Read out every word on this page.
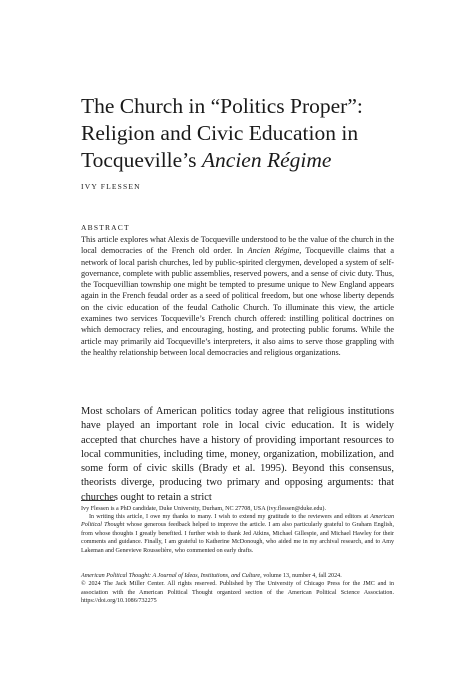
The Church in “Politics Proper”:
Religion and Civic Education in
Tocqueville’s Ancien Régime
IVY FLESSEN
ABSTRACT

This article explores what Alexis de Tocqueville understood to be the value of the church in the local democracies of the French old order. In Ancien Régime, Tocqueville claims that a network of local parish churches, led by public-spirited clergymen, developed a system of self-governance, complete with public assemblies, reserved powers, and a sense of civic duty. Thus, the Tocquevillian township one might be tempted to presume unique to New England appears again in the French feudal order as a seed of political freedom, but one whose liberty depends on the civic education of the feudal Catholic Church. To illuminate this view, the article examines two services Tocqueville’s French church offered: instilling political doctrines on which democracy relies, and encouraging, hosting, and protecting public forums. While the article may primarily aid Tocqueville’s interpreters, it also aims to serve those grappling with the healthy relationship between local democracies and religious organizations.

Most scholars of American politics today agree that religious institutions have played an important role in local civic education. It is widely accepted that churches have a history of providing important resources to local communities, including time, money, organization, mobilization, and some form of civic skills (Brady et al. 1995). Beyond this consensus, theorists diverge, producing two primary and opposing arguments: that churches ought to retain a strict

Ivy Flessen is a PhD candidate, Duke University, Durham, NC 27708, USA (ivy.flessen@duke.edu).

In writing this article, I owe my thanks to many. I wish to extend my gratitude to the reviewers and editors at American Political Thought whose generous feedback helped to improve the article. I am also particularly grateful to Graham English, from whose thoughts I greatly benefited. I further wish to thank Jed Atkins, Michael Gillespie, and Michael Hawley for their comments and guidance. Finally, I am grateful to Katherine McDonough, who aided me in my archival research, and to Amy Lakeman and Genevieve Rousselière, who commented on early drafts.

American Political Thought: A Journal of Ideas, Institutions, and Culture, volume 13, number 4, fall 2024.
© 2024 The Jack Miller Center. All rights reserved. Published by The University of Chicago Press for the JMC and in association with the American Political Thought organized section of the American Political Science Association. https://doi.org/10.1086/732275
